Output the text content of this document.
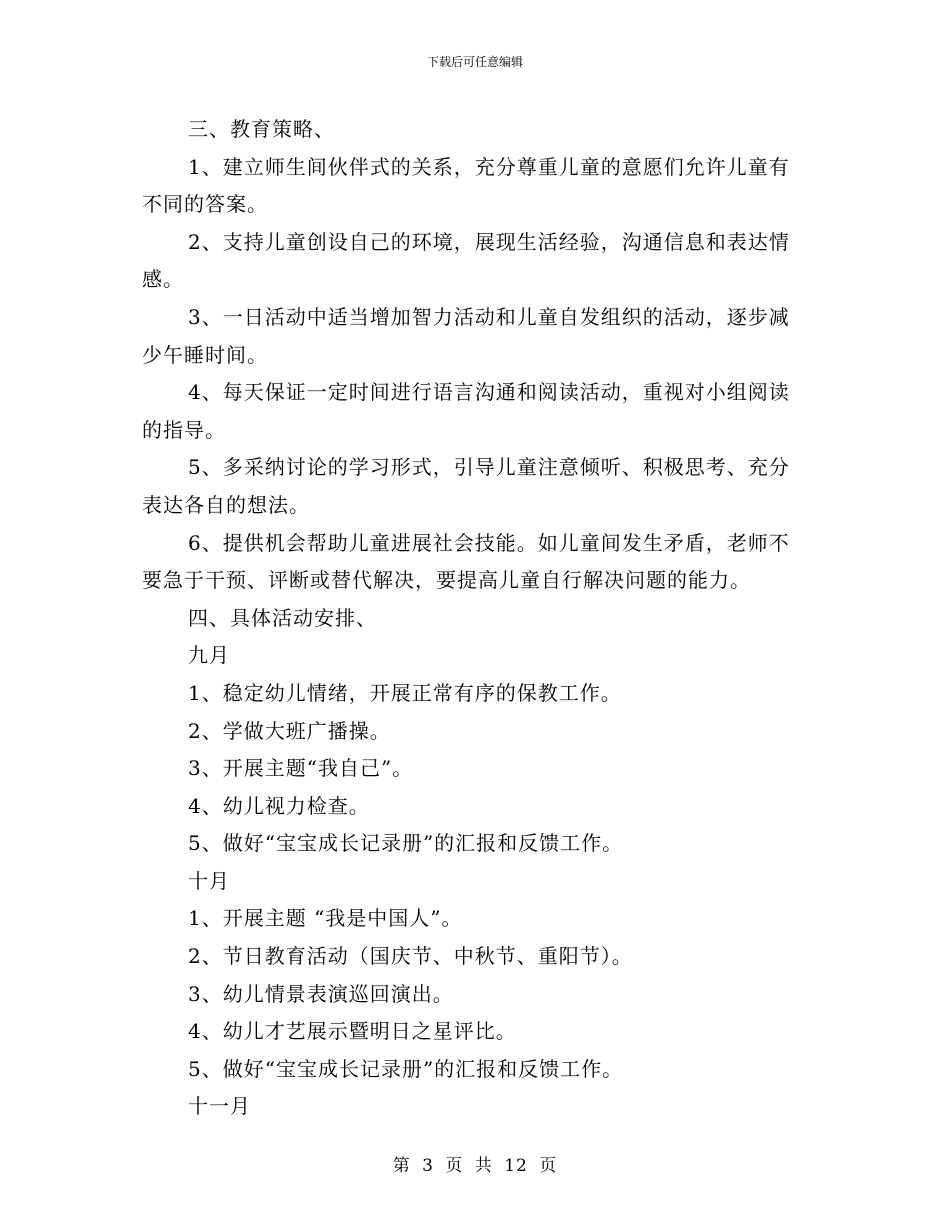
下载后可任意编辑
三、教育策略、
1、建立师生间伙伴式的关系，充分尊重儿童的意愿们允许儿童有
不同的答案。
2、支持儿童创设自己的环境，展现生活经验，沟通信息和表达情
感。
3、一日活动中适当增加智力活动和儿童自发组织的活动，逐步减
少午睡时间。
4、每天保证一定时间进行语言沟通和阅读活动，重视对小组阅读
的指导。
5、多采纳讨论的学习形式，引导儿童注意倾听、积极思考、充分
表达各自的想法。
6、提供机会帮助儿童进展社会技能。如儿童间发生矛盾，老师不
要急于干预、评断或替代解决，要提高儿童自行解决问题的能力。
四、具体活动安排、
九月
1、稳定幼儿情绪，开展正常有序的保教工作。
2、学做大班广播操。
3、开展主题“我自己”。
4、幼儿视力检查。
5、做好“宝宝成长记录册”的汇报和反馈工作。
十月
1、开展主题 “我是中国人”。
2、节日教育活动（国庆节、中秋节、重阳节）。
3、幼儿情景表演巡回演出。
4、幼儿才艺展示暨明日之星评比。
5、做好“宝宝成长记录册”的汇报和反馈工作。
十一月
第 3 页 共 12 页
